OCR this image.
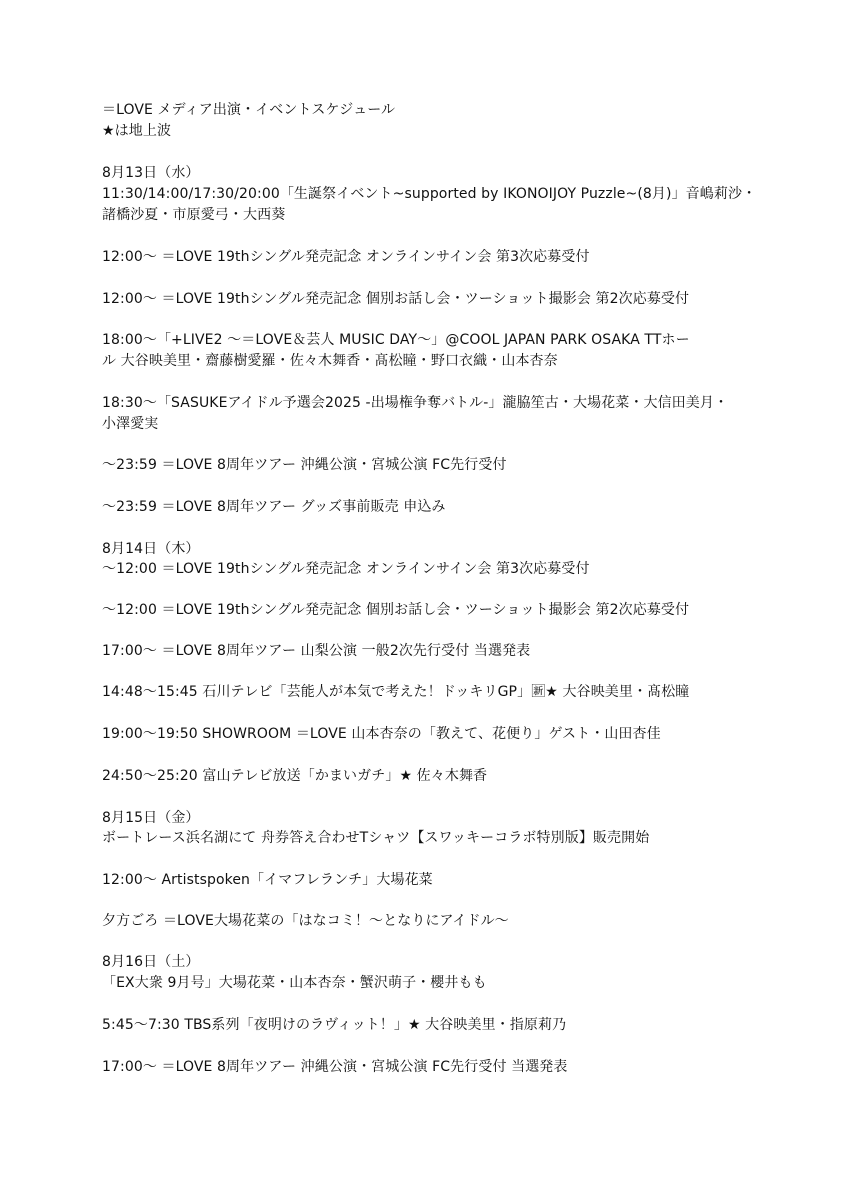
＝LOVE メディア出演・イベントスケジュール
★は地上波
8月13日（水）
11:30/14:00/17:30/20:00「生誕祭イベント~supported by IKONOIJOY Puzzle~(8月)」音嶋莉沙・
諸橋沙夏・市原愛弓・大西葵
12:00～ ＝LOVE 19thシングル発売記念 オンラインサイン会 第3次応募受付
12:00～ ＝LOVE 19thシングル発売記念 個別お話し会・ツーショット撮影会 第2次応募受付
18:00～「+LIVE2 ～＝LOVE＆芸人 MUSIC DAY～」@COOL JAPAN PARK OSAKA TTホー
ル 大谷映美里・齋藤樹愛羅・佐々木舞香・髙松瞳・野口衣織・山本杏奈
18:30～「SASUKEアイドル予選会2025 -出場権争奪バトル-」瀧脇笙古・大場花菜・大信田美月・
小澤愛実
～23:59 ＝LOVE 8周年ツアー 沖縄公演・宮城公演 FC先行受付
～23:59 ＝LOVE 8周年ツアー グッズ事前販売 申込み
8月14日（木）
～12:00 ＝LOVE 19thシングル発売記念 オンラインサイン会 第3次応募受付
～12:00 ＝LOVE 19thシングル発売記念 個別お話し会・ツーショット撮影会 第2次応募受付
17:00～ ＝LOVE 8周年ツアー 山梨公演 一般2次先行受付 当選発表
14:48～15:45 石川テレビ「芸能人が本気で考えた！ドッキリGP」🈟★ 大谷映美里・髙松瞳
19:00～19:50 SHOWROOM ＝LOVE 山本杏奈の「教えて、花便り」ゲスト・山田杏佳
24:50～25:20 富山テレビ放送「かまいガチ」★ 佐々木舞香
8月15日（金）
ボートレース浜名湖にて 舟券答え合わせTシャツ【スワッキーコラボ特別版】販売開始
12:00～ Artistspoken「イマフレランチ」大場花菜
夕方ごろ ＝LOVE大場花菜の「はなコミ！～となりにアイドル～
8月16日（土）
「EX大衆 9月号」大場花菜・山本杏奈・蟹沢萌子・櫻井もも
5:45～7:30 TBS系列「夜明けのラヴィット！」★ 大谷映美里・指原莉乃
17:00～ ＝LOVE 8周年ツアー 沖縄公演・宮城公演 FC先行受付 当選発表
